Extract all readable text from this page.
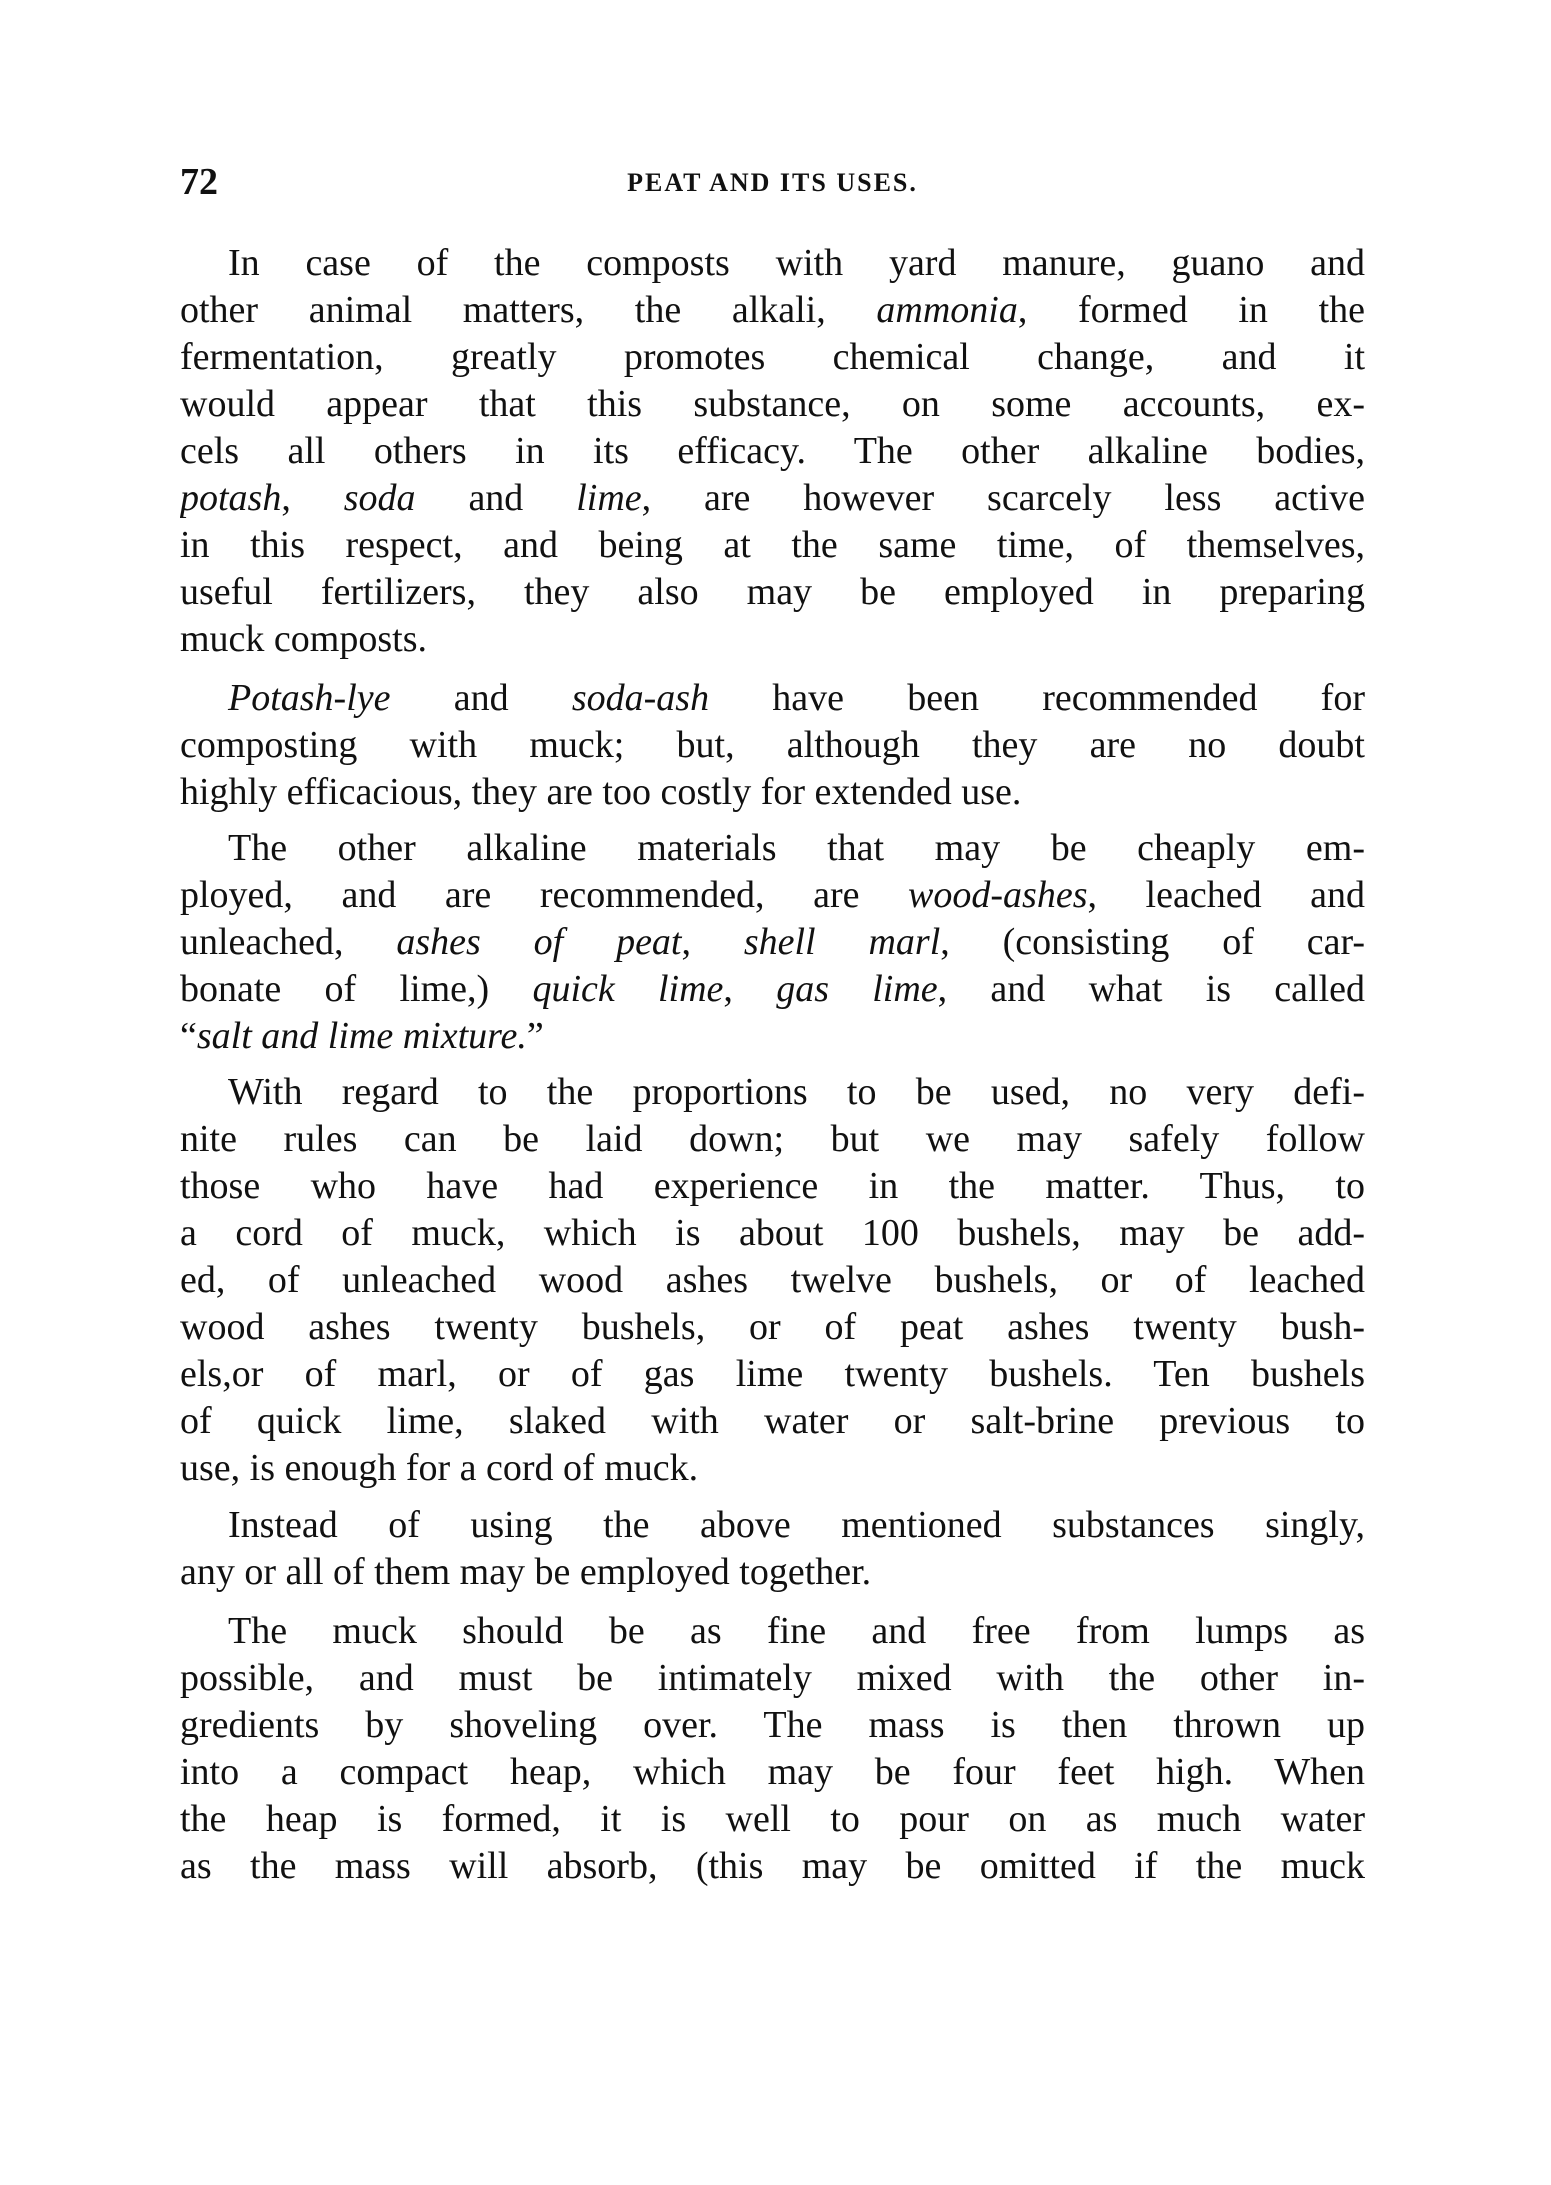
72	PEAT AND ITS USES.
In case of the composts with yard manure, guano and
other animal matters, the alkali, ammonia, formed in the
fermentation, greatly promotes chemical change, and it
would appear that this substance, on some accounts, ex-
cels all others in its efficacy. The other alkaline bodies,
potash, soda and lime, are however scarcely less active
in this respect, and being at the same time, of themselves,
useful fertilizers, they also may be employed in preparing
muck composts.
Potash-lye and soda-ash have been recommended for
composting with muck; but, although they are no doubt
highly efficacious, they are too costly for extended use.
The other alkaline materials that may be cheaply em-
ployed, and are recommended, are wood-ashes, leached and
unleached, ashes of peat, shell marl, (consisting of car-
bonate of lime,) quick lime, gas lime, and what is called
“salt and lime mixture.”
With regard to the proportions to be used, no very defi-
nite rules can be laid down; but we may safely follow
those who have had experience in the matter. Thus, to
a cord of muck, which is about 100 bushels, may be add-
ed, of unleached wood ashes twelve bushels, or of leached
wood ashes twenty bushels, or of peat ashes twenty bush-
els,or of marl, or of gas lime twenty bushels. Ten bushels
of quick lime, slaked with water or salt-brine previous to
use, is enough for a cord of muck.
Instead of using the above mentioned substances singly,
any or all of them may be employed together.
The muck should be as fine and free from lumps as
possible, and must be intimately mixed with the other in-
gredients by shoveling over. The mass is then thrown up
into a compact heap, which may be four feet high. When
the heap is formed, it is well to pour on as much water
as the mass will absorb, (this may be omitted if the muck
